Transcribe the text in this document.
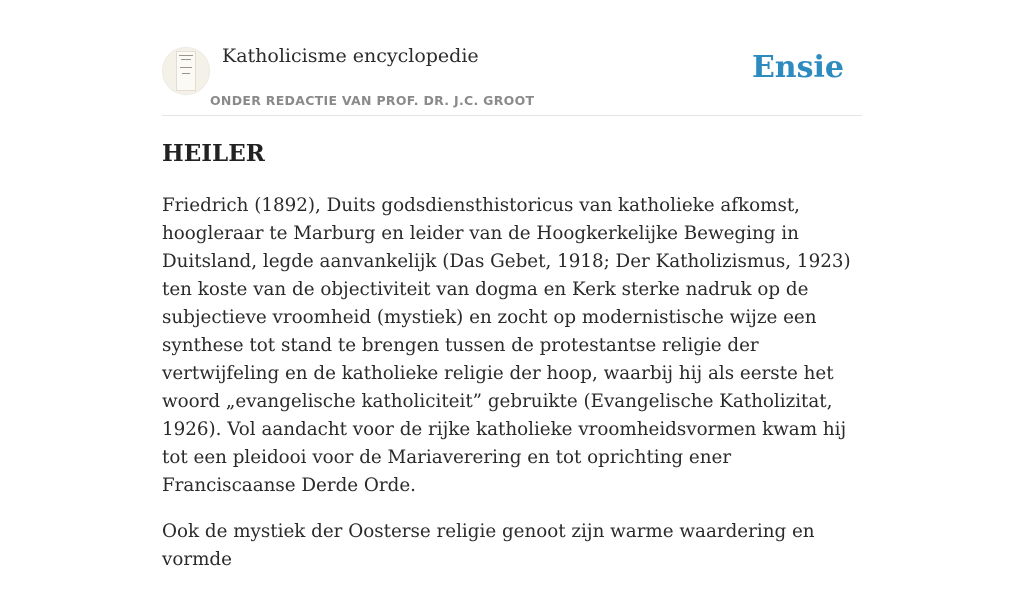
Katholicisme encyclopedie
ONDER REDACTIE VAN PROF. DR. J.C. GROOT
Ensie
HEILER

Friedrich (1892), Duits godsdiensthistoricus van katholieke afkomst, hoogleraar te Marburg en leider van de Hoogkerkelijke Beweging in Duitsland, legde aanvankelijk (Das Gebet, 1918; Der Katholizismus, 1923) ten koste van de objectiviteit van dogma en Kerk sterke nadruk op de subjectieve vroomheid (mystiek) en zocht op modernistische wijze een synthese tot stand te brengen tussen de protestantse religie der vertwijfeling en de katholieke religie der hoop, waarbij hij als eerste het woord „evangelische katholiciteit” gebruikte (Evangelische Katholizitat, 1926). Vol aandacht voor de rijke katholieke vroomheidsvormen kwam hij tot een pleidooi voor de Mariaverering en tot oprichting ener Franciscaanse Derde Orde.

Ook de mystiek der Oosterse religie genoot zijn warme waardering en vormde
